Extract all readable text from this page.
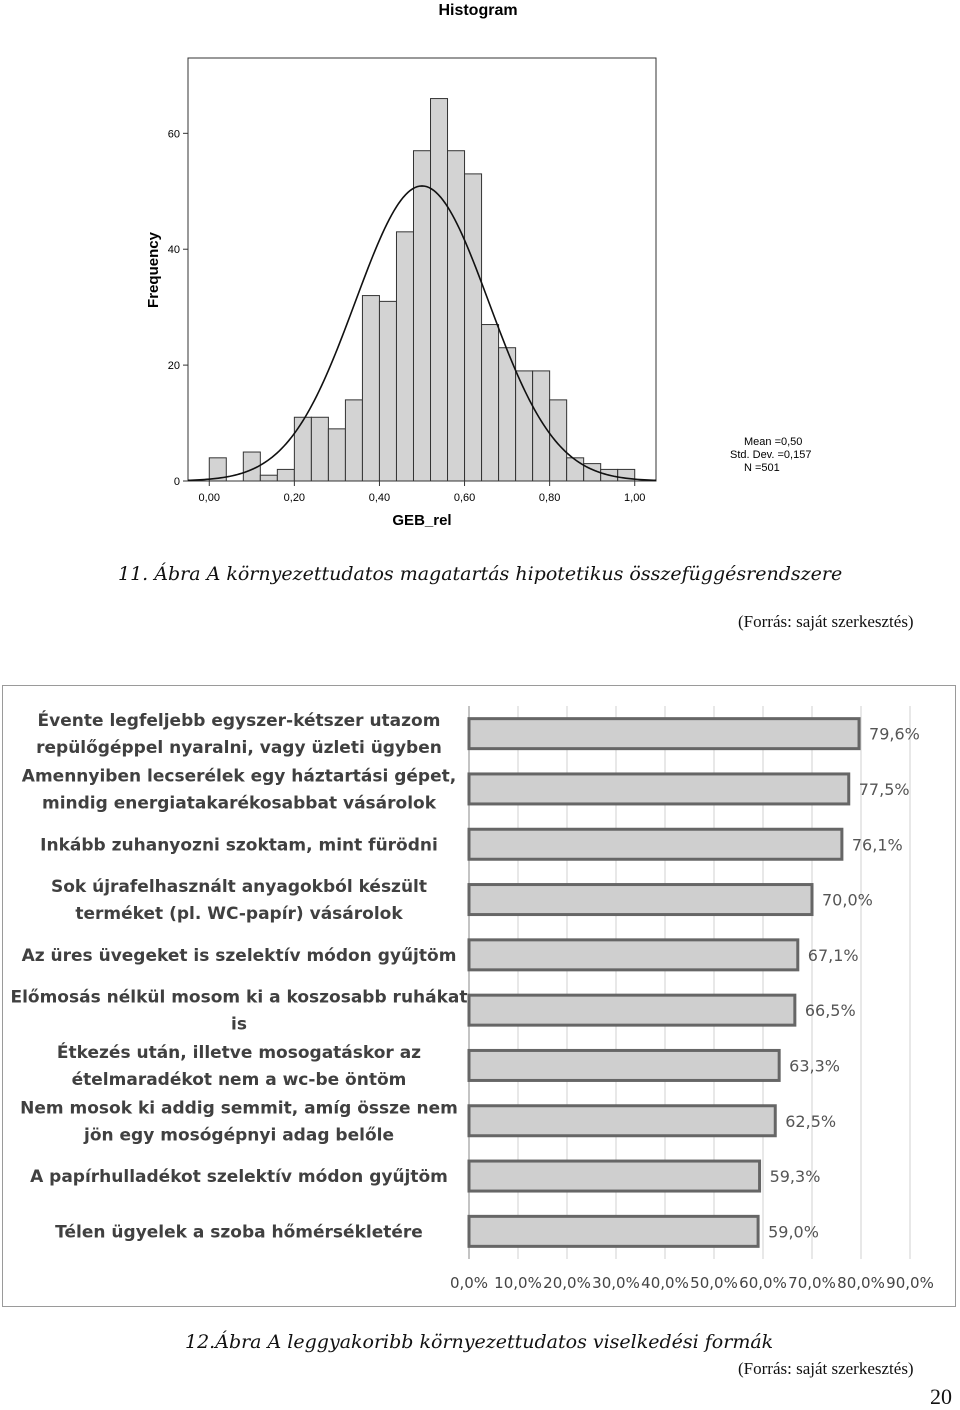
Histogram
0,00	0,20	0,40	0,60	0,80	1,00
0
20
40
60
GEB_rel
Frequency
Mean =0,50
Std. Dev. =0,157
N =501
11. Ábra A környezettudatos magatartás hipotetikus összefüggésrendszere
(Forrás: saját szerkesztés)
79,6%
Évente legfeljebb egyszer-kétszer utazom
repülőgéppel nyaralni, vagy üzleti ügyben
77,5%
Amennyiben lecserélek egy háztartási gépet,
mindig energiatakarékosabbat vásárolok
76,1%
Inkább zuhanyozni szoktam, mint fürödni
70,0%
Sok újrafelhasznált anyagokból készült
terméket (pl. WC-papír) vásárolok
67,1%
Az üres üvegeket is szelektív módon gyűjtöm
66,5%
Előmosás nélkül mosom ki a koszosabb ruhákat
is
63,3%
Étkezés után, illetve mosogatáskor az
ételmaradékot nem a wc-be öntöm
62,5%
Nem mosok ki addig semmit, amíg össze nem
jön egy mosógépnyi adag belőle
59,3%
A papírhulladékot szelektív módon gyűjtöm
59,0%
Télen ügyelek a szoba hőmérsékletére
0,0% 10,0% 20,0% 30,0% 40,0% 50,0% 60,0% 70,0% 80,0% 90,0%
12.Ábra A leggyakoribb környezettudatos viselkedési formák
(Forrás: saját szerkesztés)
20
